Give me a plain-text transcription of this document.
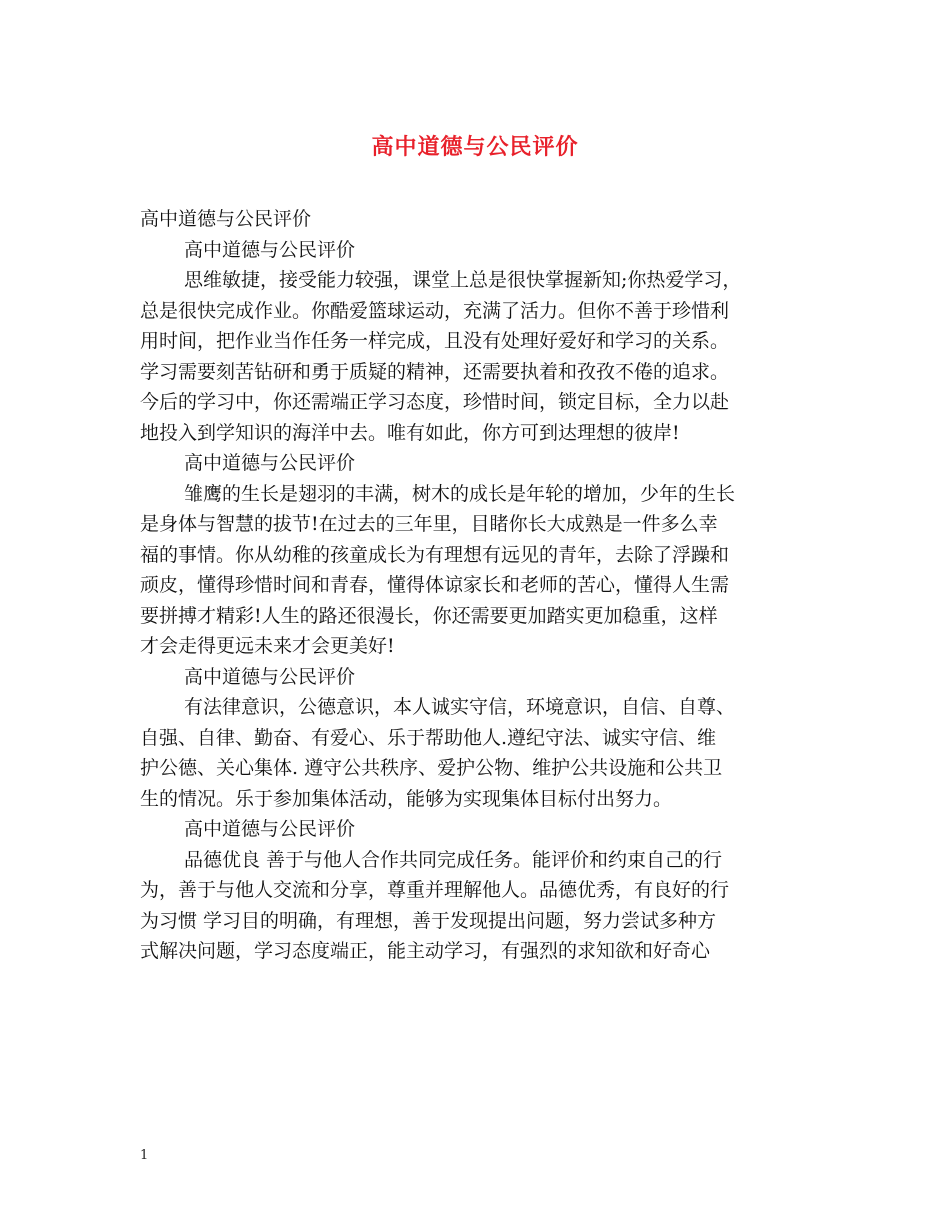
高中道德与公民评价

高中道德与公民评价

高中道德与公民评价

思维敏捷，接受能力较强，课堂上总是很快掌握新知;你热爱学习，

总是很快完成作业。你酷爱篮球运动，充满了活力。但你不善于珍惜利

用时间，把作业当作任务一样完成，且没有处理好爱好和学习的关系。

学习需要刻苦钻研和勇于质疑的精神，还需要执着和孜孜不倦的追求。

今后的学习中，你还需端正学习态度，珍惜时间，锁定目标，全力以赴

地投入到学知识的海洋中去。唯有如此，你方可到达理想的彼岸!

高中道德与公民评价

雏鹰的生长是翅羽的丰满，树木的成长是年轮的增加，少年的生长

是身体与智慧的拔节!在过去的三年里，目睹你长大成熟是一件多么幸

福的事情。你从幼稚的孩童成长为有理想有远见的青年，去除了浮躁和

顽皮，懂得珍惜时间和青春，懂得体谅家长和老师的苦心，懂得人生需

要拼搏才精彩!人生的路还很漫长，你还需要更加踏实更加稳重，这样

才会走得更远未来才会更美好!

高中道德与公民评价

有法律意识，公德意识，本人诚实守信，环境意识，自信、自尊、

自强、自律、勤奋、有爱心、乐于帮助他人.遵纪守法、诚实守信、维

护公德、关心集体. 遵守公共秩序、爱护公物、维护公共设施和公共卫

生的情况。乐于参加集体活动，能够为实现集体目标付出努力。

高中道德与公民评价

品德优良 善于与他人合作共同完成任务。能评价和约束自己的行

为，善于与他人交流和分享，尊重并理解他人。品德优秀，有良好的行

为习惯 学习目的明确，有理想，善于发现提出问题，努力尝试多种方

式解决问题，学习态度端正，能主动学习，有强烈的求知欲和好奇心

1
